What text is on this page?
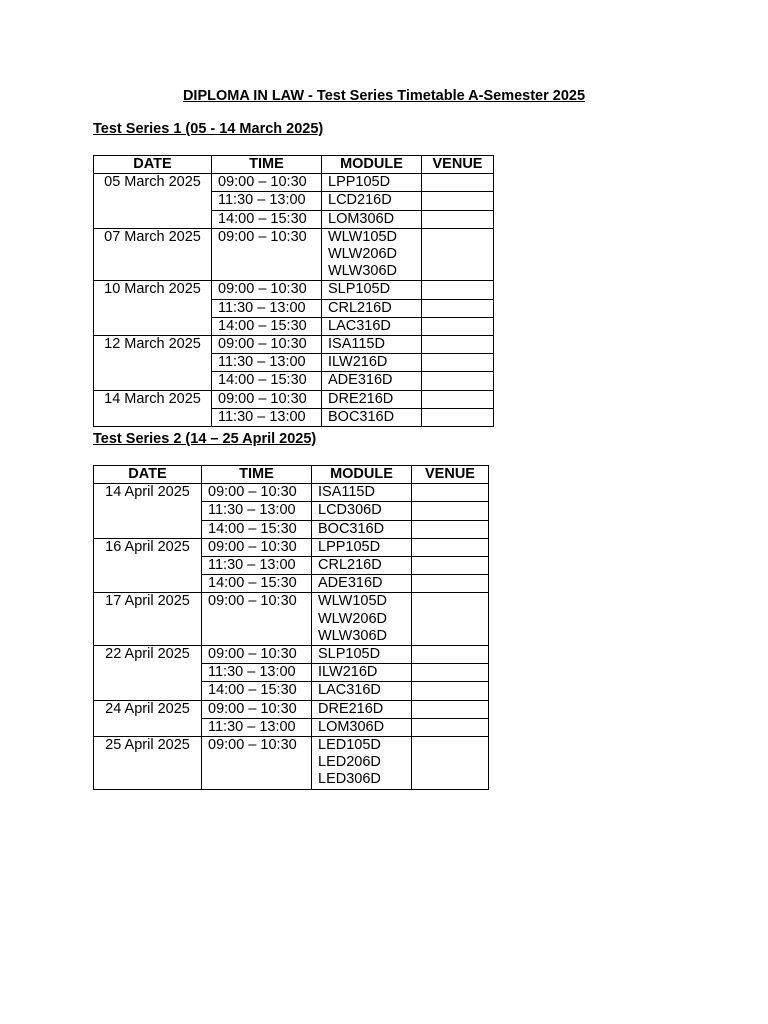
DIPLOMA IN LAW - Test Series Timetable A-Semester 2025
Test Series 1 (05 - 14 March 2025)
DATE	TIME	MODULE	VENUE
05 March 2025	09:00 – 10:30	LPP105D	

	11:30 – 13:00	LCD216D	

	14:00 – 15:30	LOM306D	

07 March 2025	09:00 – 10:30	WLW105D
WLW206D
WLW306D	

10 March 2025	09:00 – 10:30	SLP105D	

	11:30 – 13:00	CRL216D	

	14:00 – 15:30	LAC316D	

12 March 2025	09:00 – 10:30	ISA115D	

	11:30 – 13:00	ILW216D	

	14:00 – 15:30	ADE316D	

14 March 2025	09:00 – 10:30	DRE216D	

	11:30 – 13:00	BOC316D	

Test Series 2 (14 – 25 April 2025)
DATE	TIME	MODULE	VENUE
14 April 2025	09:00 – 10:30	ISA115D	

	11:30 – 13:00	LCD306D	

	14:00 – 15:30	BOC316D	

16 April 2025	09:00 – 10:30	LPP105D	

	11:30 – 13:00	CRL216D	

	14:00 – 15:30	ADE316D	

17 April 2025	09:00 – 10:30	WLW105D
WLW206D
WLW306D	

22 April 2025	09:00 – 10:30	SLP105D	

	11:30 – 13:00	ILW216D	

	14:00 – 15:30	LAC316D	

24 April 2025	09:00 – 10:30	DRE216D	

	11:30 – 13:00	LOM306D	

25 April 2025	09:00 – 10:30	LED105D
LED206D
LED306D	
